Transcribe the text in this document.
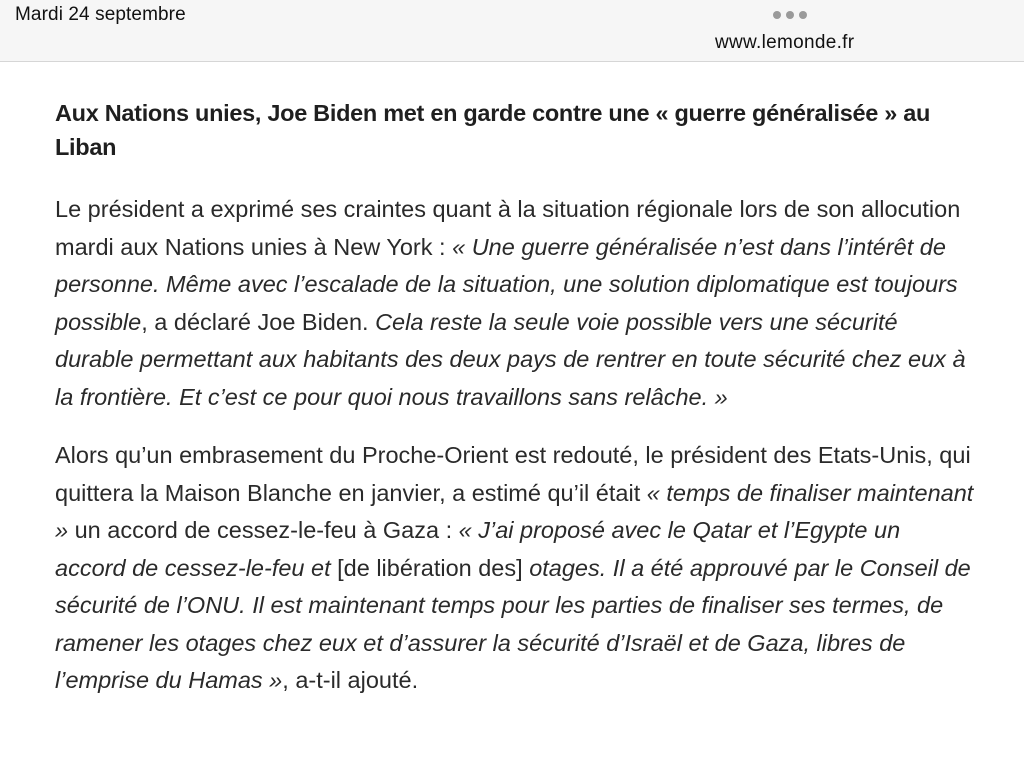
Mardi 24 septembre
www.lemonde.fr
Aux Nations unies, Joe Biden met en garde contre une « guerre généralisée » au Liban

Le président a exprimé ses craintes quant à la situation régionale lors de son allocution mardi aux Nations unies à New York : « Une guerre généralisée n’est dans l’intérêt de personne. Même avec l’escalade de la situation, une solution diplomatique est toujours possible, a déclaré Joe Biden. Cela reste la seule voie possible vers une sécurité durable permettant aux habitants des deux pays de rentrer en toute sécurité chez eux à la frontière. Et c’est ce pour quoi nous travaillons sans relâche. »

Alors qu’un embrasement du Proche-Orient est redouté, le président des Etats-Unis, qui quittera la Maison Blanche en janvier, a estimé qu’il était « temps de finaliser maintenant » un accord de cessez-le-feu à Gaza : « J’ai proposé avec le Qatar et l’Egypte un accord de cessez-le-feu et [de libération des] otages. Il a été approuvé par le Conseil de sécurité de l’ONU. Il est maintenant temps pour les parties de finaliser ses termes, de ramener les otages chez eux et d’assurer la sécurité d’Israël et de Gaza, libres de l’emprise du Hamas », a-t-il ajouté.
